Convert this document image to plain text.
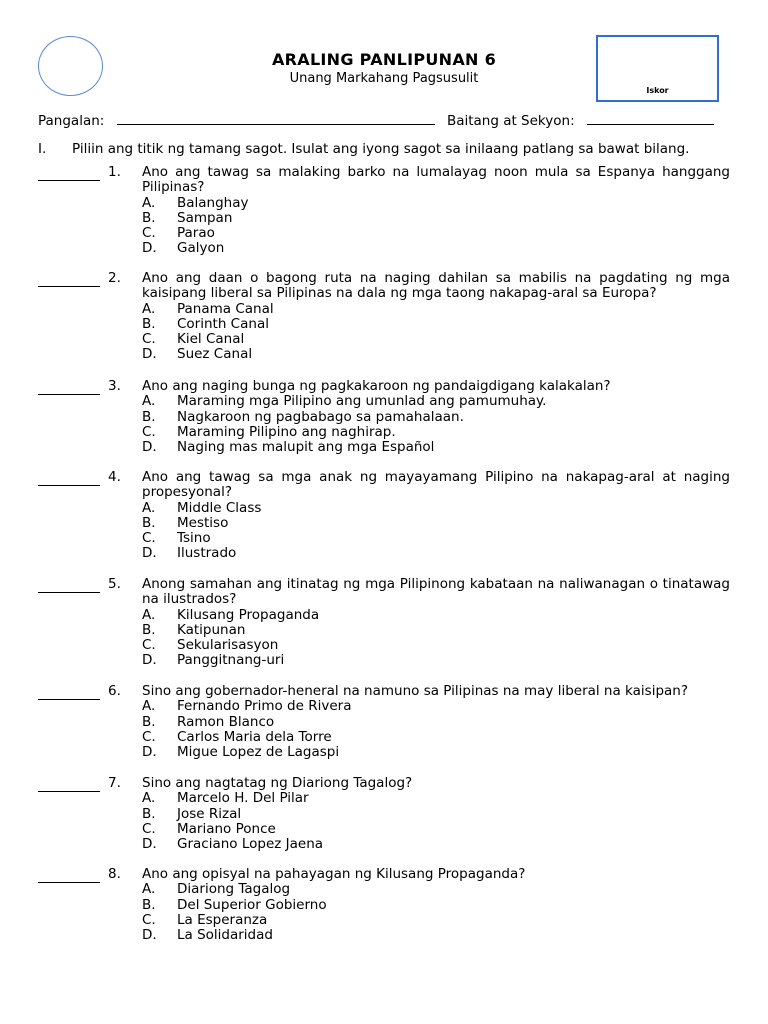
ARALING PANLIPUNAN 6
Unang Markahang Pagsusulit
Iskor
Pangalan:	Baitang at Sekyon:
I. Piliin ang titik ng tamang sagot. Isulat ang iyong sagot sa inilaang patlang sa bawat bilang.
1. Ano ang tawag sa malaking barko na lumalayag noon mula sa Espanya hanggang Pilipinas?
A.	Balanghay
B.	Sampan
C.	Parao
D.	Galyon
2. Ano ang daan o bagong ruta na naging dahilan sa mabilis na pagdating ng mga kaisipang liberal sa Pilipinas na dala ng mga taong nakapag-aral sa Europa?
A.	Panama Canal
B.	Corinth Canal
C.	Kiel Canal
D.	Suez Canal
3. Ano ang naging bunga ng pagkakaroon ng pandaigdigang kalakalan?
A.	Maraming mga Pilipino ang umunlad ang pamumuhay.
B.	Nagkaroon ng pagbabago sa pamahalaan.
C.	Maraming Pilipino ang naghirap.
D.	Naging mas malupit ang mga Español
4. Ano ang tawag sa mga anak ng mayayamang Pilipino na nakapag-aral at naging propesyonal?
A.	Middle Class
B.	Mestiso
C.	Tsino
D.	Ilustrado
5. Anong samahan ang itinatag ng mga Pilipinong kabataan na naliwanagan o tinatawag na ilustrados?
A.	Kilusang Propaganda
B.	Katipunan
C.	Sekularisasyon
D.	Panggitnang-uri
6. Sino ang gobernador-heneral na namuno sa Pilipinas na may liberal na kaisipan?
A.	Fernando Primo de Rivera
B.	Ramon Blanco
C.	Carlos Maria dela Torre
D.	Migue Lopez de Lagaspi
7. Sino ang nagtatag ng Diariong Tagalog?
A.	Marcelo H. Del Pilar
B.	Jose Rizal
C.	Mariano Ponce
D.	Graciano Lopez Jaena
8. Ano ang opisyal na pahayagan ng Kilusang Propaganda?
A.	Diariong Tagalog
B.	Del Superior Gobierno
C.	La Esperanza
D.	La Solidaridad
